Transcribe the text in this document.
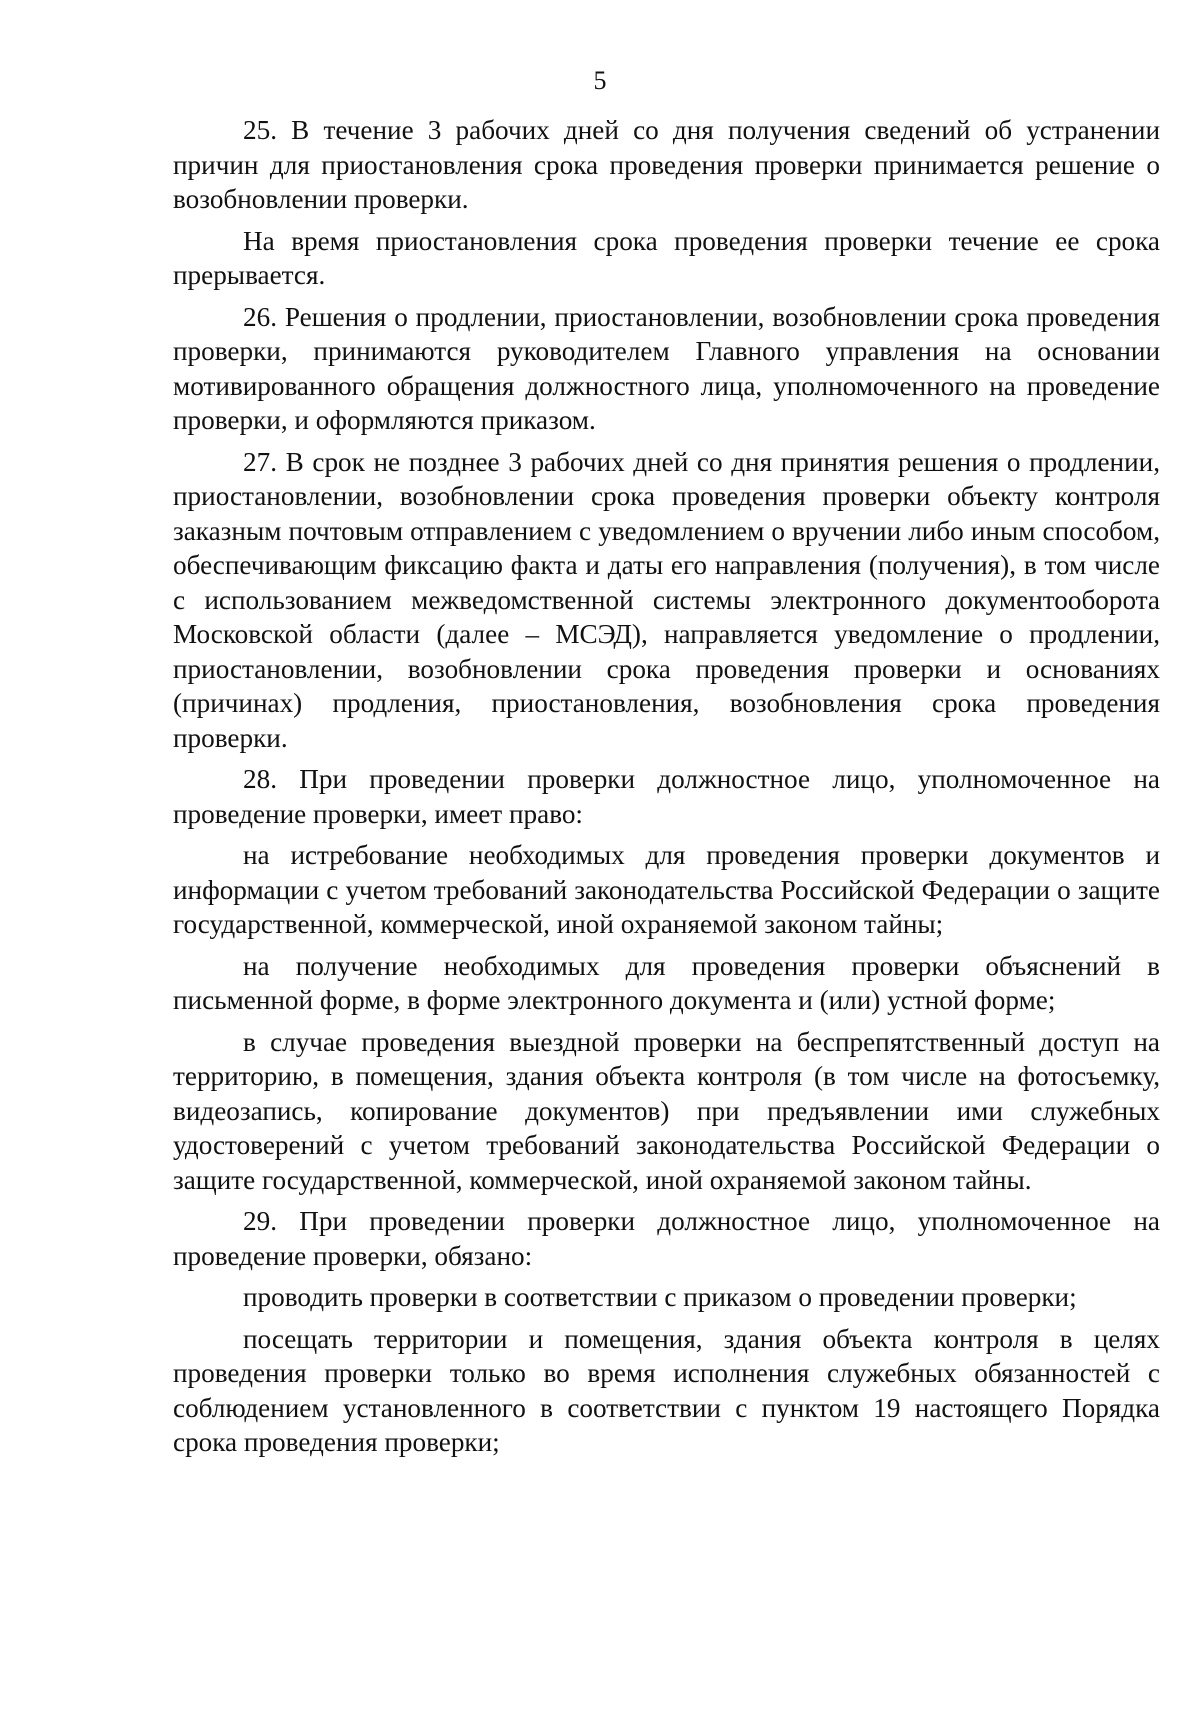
5

25. В течение 3 рабочих дней со дня получения сведений об устранении причин для приостановления срока проведения проверки принимается решение о возобновлении проверки.

На время приостановления срока проведения проверки течение ее срока прерывается.

26. Решения о продлении, приостановлении, возобновлении срока проведения проверки, принимаются руководителем Главного управления на основании мотивированного обращения должностного лица, уполномоченного на проведение проверки, и оформляются приказом.

27. В срок не позднее 3 рабочих дней со дня принятия решения о продлении, приостановлении, возобновлении срока проведения проверки объекту контроля заказным почтовым отправлением с уведомлением о вручении либо иным способом, обеспечивающим фиксацию факта и даты его направления (получения), в том числе с использованием межведомственной системы электронного документооборота Московской области (далее – МСЭД), направляется уведомление о продлении, приостановлении, возобновлении срока проведения проверки и основаниях (причинах) продления, приостановления, возобновления срока проведения проверки.

28. При проведении проверки должностное лицо, уполномоченное на проведение проверки, имеет право:

на истребование необходимых для проведения проверки документов и информации с учетом требований законодательства Российской Федерации о защите государственной, коммерческой, иной охраняемой законом тайны;

на получение необходимых для проведения проверки объяснений в письменной форме, в форме электронного документа и (или) устной форме;

в случае проведения выездной проверки на беспрепятственный доступ на территорию, в помещения, здания объекта контроля (в том числе на фотосъемку, видеозапись, копирование документов) при предъявлении ими служебных удостоверений с учетом требований законодательства Российской Федерации о защите государственной, коммерческой, иной охраняемой законом тайны.

29. При проведении проверки должностное лицо, уполномоченное на проведение проверки, обязано:

проводить проверки в соответствии с приказом о проведении проверки;

посещать территории и помещения, здания объекта контроля в целях проведения проверки только во время исполнения служебных обязанностей с соблюдением установленного в соответствии с пунктом 19 настоящего Порядка срока проведения проверки;
